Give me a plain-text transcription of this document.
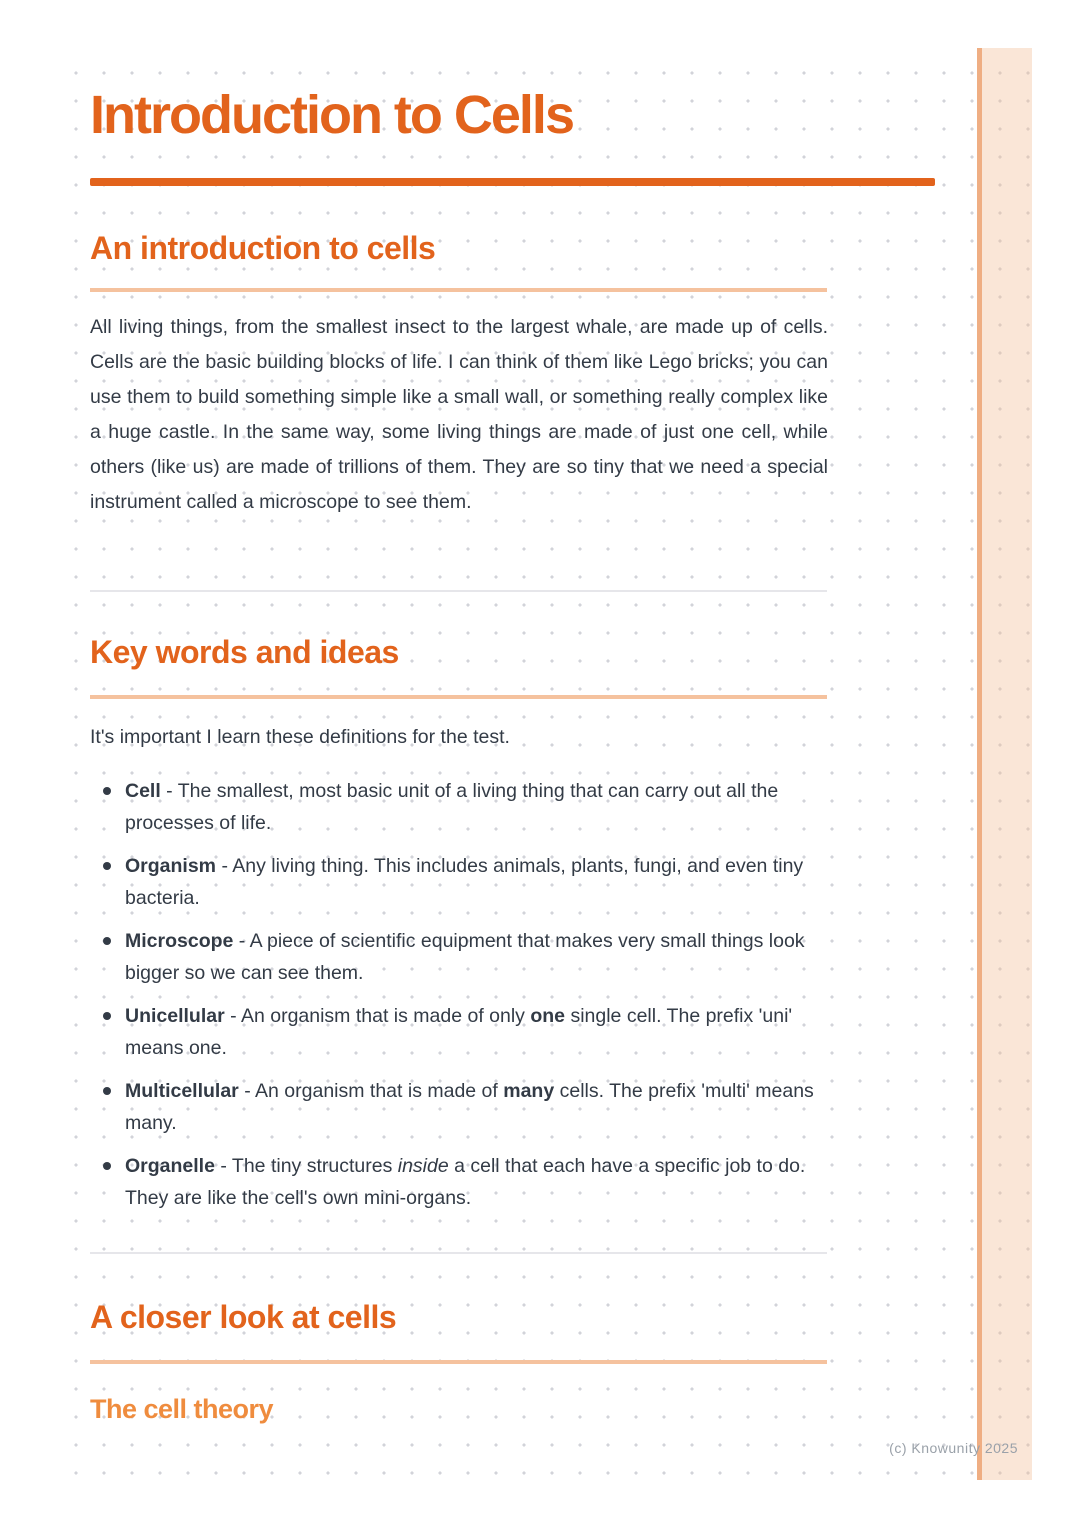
Introduction to Cells
An introduction to cells
All living things, from the smallest insect to the largest whale, are made up of cells. Cells are the basic building blocks of life. I can think of them like Lego bricks; you can use them to build something simple like a small wall, or something really complex like a huge castle. In the same way, some living things are made of just one cell, while others (like us) are made of trillions of them. They are so tiny that we need a special instrument called a microscope to see them.
Key words and ideas
It's important I learn these definitions for the test.
Cell - The smallest, most basic unit of a living thing that can carry out all the processes of life.
Organism - Any living thing. This includes animals, plants, fungi, and even tiny bacteria.
Microscope - A piece of scientific equipment that makes very small things look bigger so we can see them.
Unicellular - An organism that is made of only one single cell. The prefix 'uni' means one.
Multicellular - An organism that is made of many cells. The prefix 'multi' means many.
Organelle - The tiny structures inside a cell that each have a specific job to do. They are like the cell's own mini-organs.
A closer look at cells
The cell theory
(c) Knowunity 2025
